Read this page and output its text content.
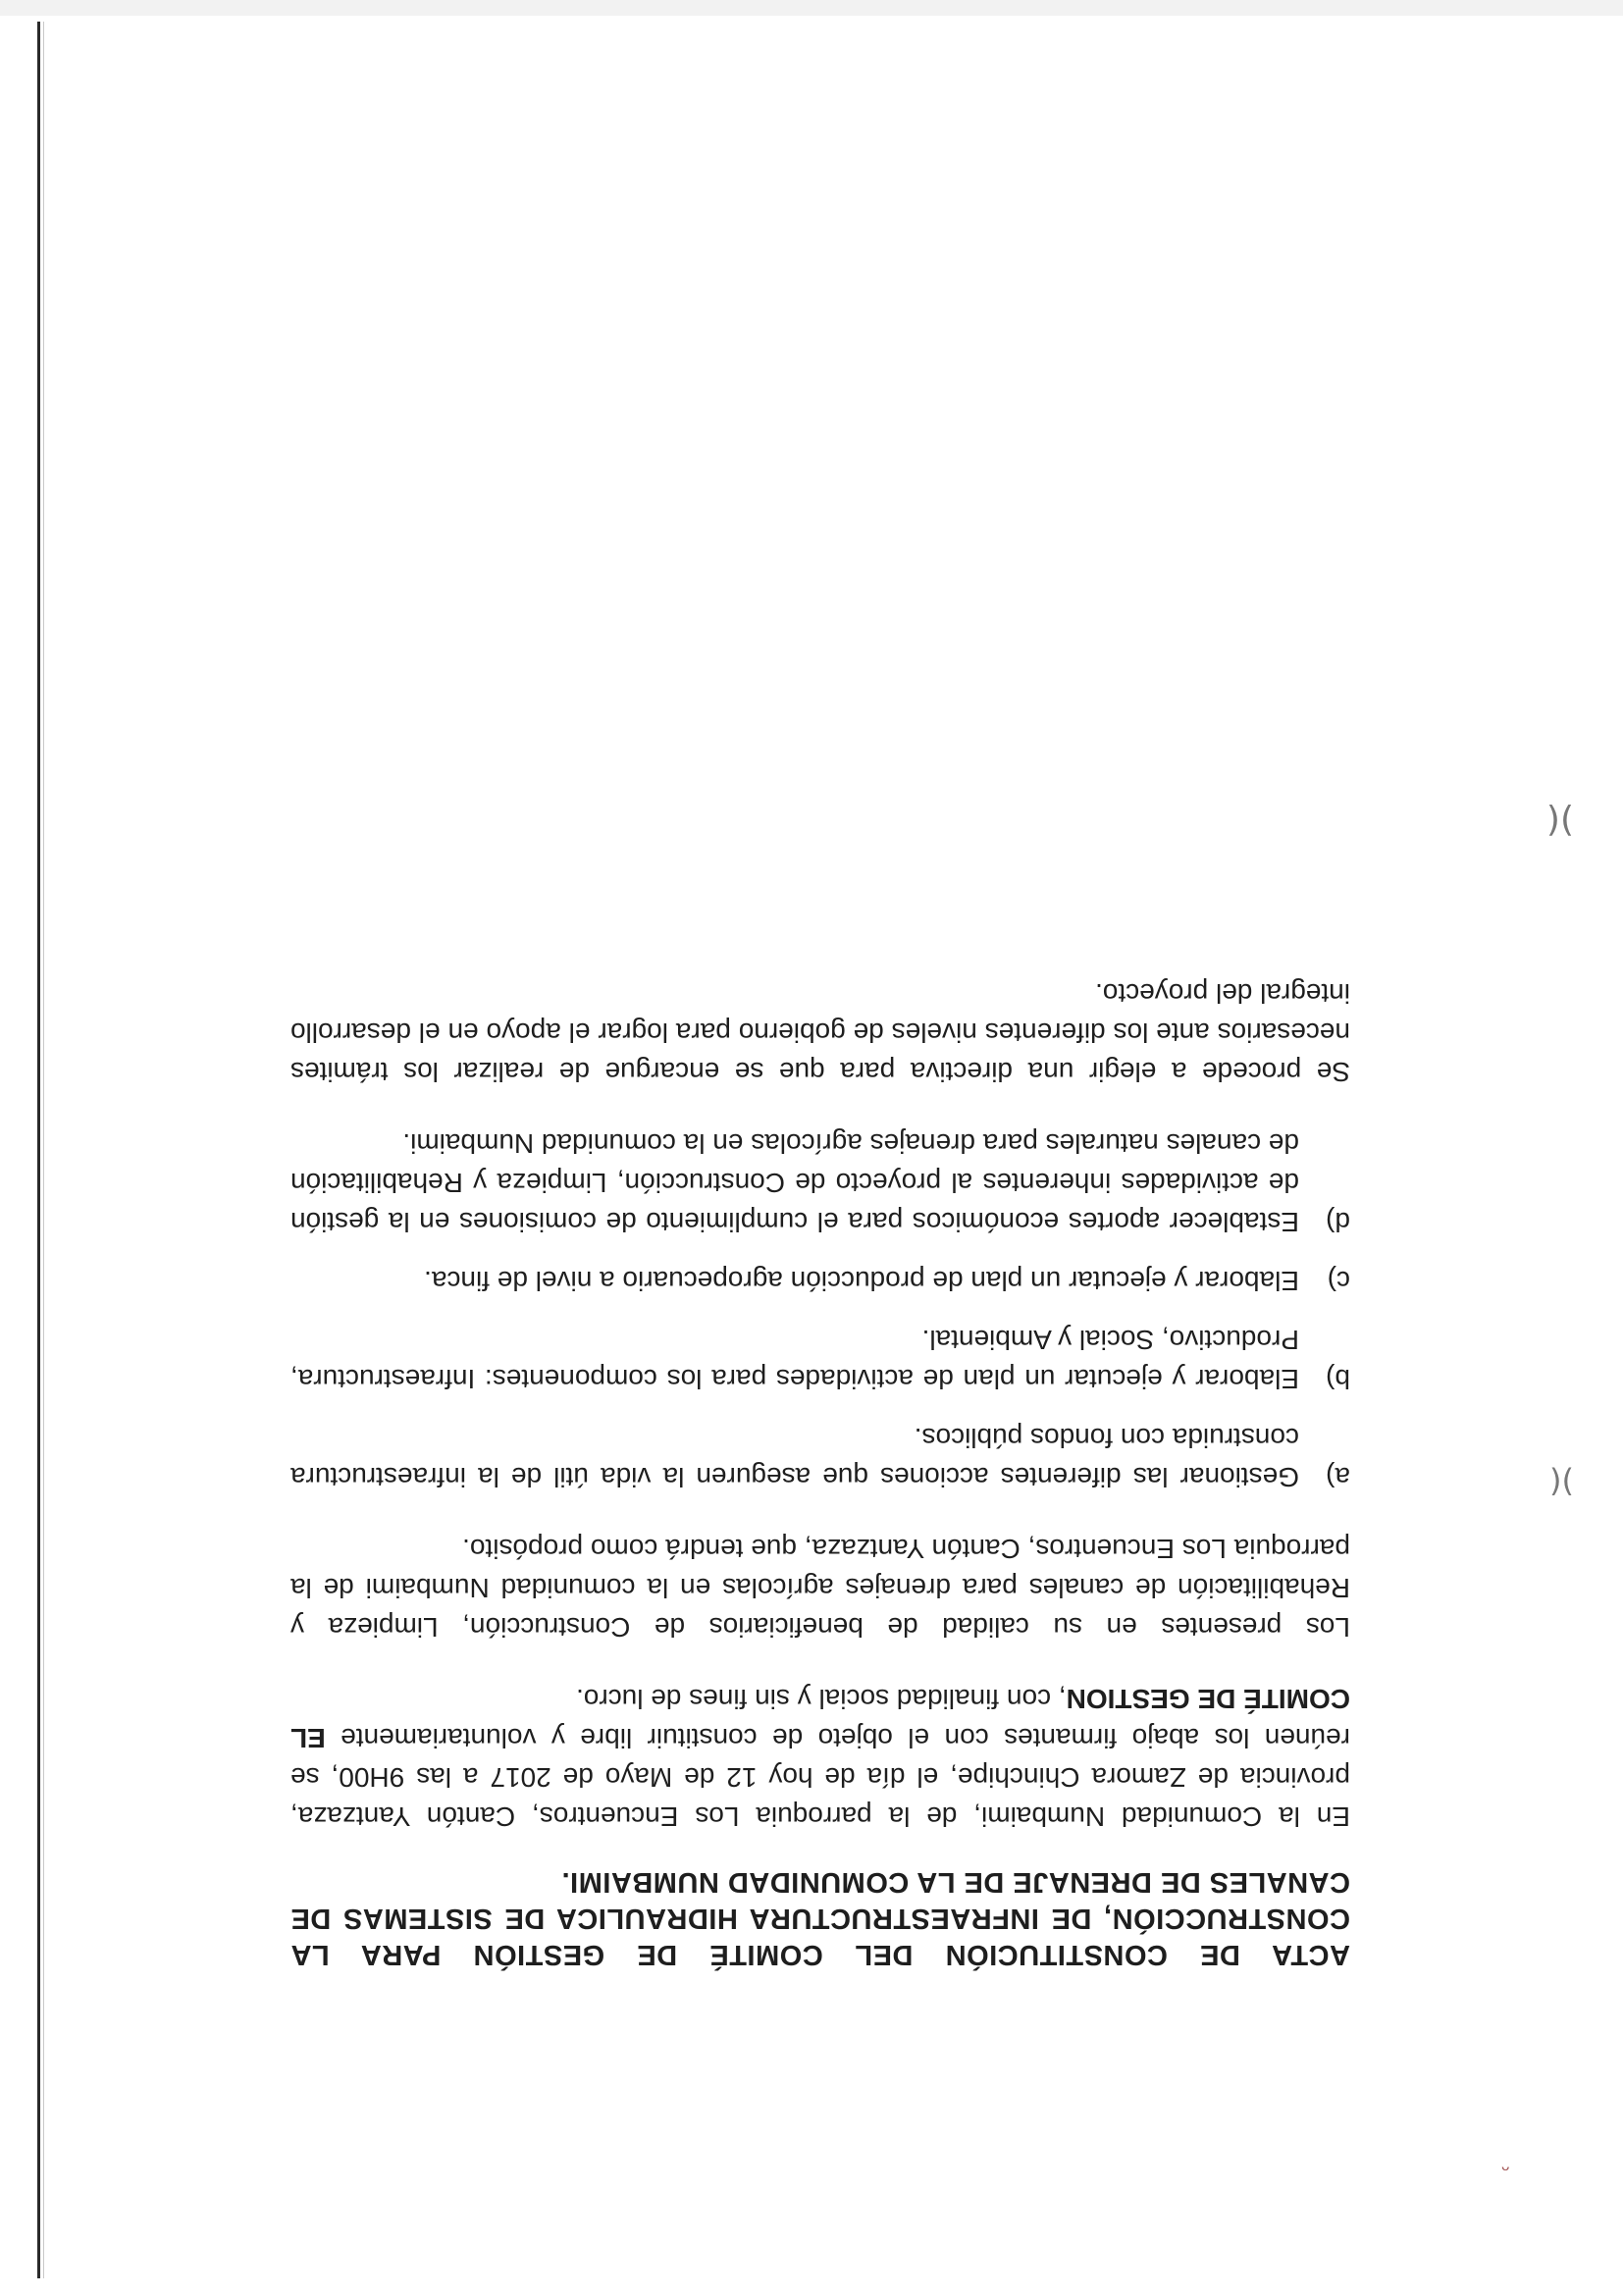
ACTA DE CONSTITUCIÓN DEL COMITÉ DE GESTIÓN PARA LA CONSTRUCCIÓN, DE INFRAESTRUCTURA HIDRAULICA DE SISTEMAS DE CANALES DE DRENAJE DE LA COMUNIDAD NUMBAIMI.
En la Comunidad Numbaimi, de la parroquia Los Encuentros, Cantón Yantzaza, provincia de Zamora Chinchipe, el día de hoy 12 de Mayo de 2017 a las 9H00, se reúnen los abajo firmantes con el objeto de constituir libre y voluntariamente EL COMITÉ DE GESTION, con finalidad social y sin fines de lucro.
Los presentes en su calidad de beneficiarios de Construcción, Limpieza y Rehabilitación de canales para drenajes agrícolas en la comunidad Numbaimi de la parroquia Los Encuentros, Cantón Yantzaza, que tendrá como propósito.
a)
Gestionar las diferentes acciones que aseguren la vida útil de la infraestructura construida con fondos públicos.
b)
Elaborar y ejecutar un plan de actividades para los componentes: Infraestructura, Productivo, Social y Ambiental.
c)
Elaborar y ejecutar un plan de producción agropecuario a nivel de finca.
d)
Establecer aportes económicos para el cumplimiento de comisiones en la gestión de actividades inherentes al proyecto de Construcción, Limpieza y Rehabilitación de canales naturales para drenajes agrícolas en la comunidad Numbaimi.
Se procede a elegir una directiva para que se encargue de realizar los trámites necesarios ante los diferentes niveles de gobierno para lograr el apoyo en el desarrollo integral del proyecto.
)(
)(
ᵕ
